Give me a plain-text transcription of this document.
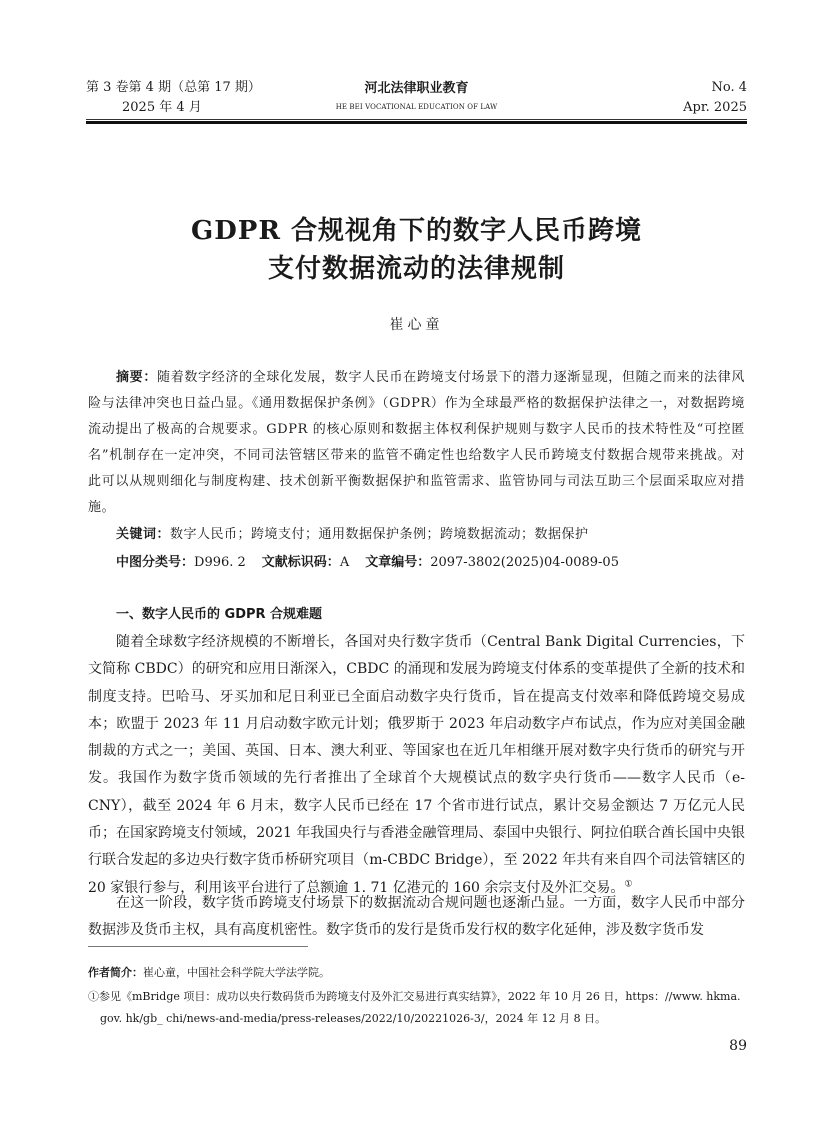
第 3 卷第 4 期（总第 17 期）
2025 年 4 月
河北法律职业教育
HE BEI VOCATIONAL EDUCATION OF LAW
No. 4
Apr. 2025
GDPR 合规视角下的数字人民币跨境
支付数据流动的法律规制
崔心童

摘要：随着数字经济的全球化发展，数字人民币在跨境支付场景下的潜力逐渐显现，但随之而来的法律风险与法律冲突也日益凸显。《通用数据保护条例》（GDPR）作为全球最严格的数据保护法律之一，对数据跨境流动提出了极高的合规要求。GDPR 的核心原则和数据主体权利保护规则与数字人民币的技术特性及“可控匿名”机制存在一定冲突，不同司法管辖区带来的监管不确定性也给数字人民币跨境支付数据合规带来挑战。对此可以从规则细化与制度构建、技术创新平衡数据保护和监管需求、监管协同与司法互助三个层面采取应对措施。

关键词：数字人民币；跨境支付；通用数据保护条例；跨境数据流动；数据保护
中图分类号：D996. 2 文献标识码：A 文章编号：2097-3802(2025)04-0089-05
一、数字人民币的 GDPR 合规难题

随着全球数字经济规模的不断增长，各国对央行数字货币（Central Bank Digital Currencies，下文简称 CBDC）的研究和应用日渐深入，CBDC 的涌现和发展为跨境支付体系的变革提供了全新的技术和制度支持。巴哈马、牙买加和尼日利亚已全面启动数字央行货币，旨在提高支付效率和降低跨境交易成本；欧盟于 2023 年 11 月启动数字欧元计划；俄罗斯于 2023 年启动数字卢布试点，作为应对美国金融制裁的方式之一；美国、英国、日本、澳大利亚、等国家也在近几年相继开展对数字央行货币的研究与开发。我国作为数字货币领域的先行者推出了全球首个大规模试点的数字央行货币——数字人民币（e-CNY），截至 2024 年 6 月末，数字人民币已经在 17 个省市进行试点，累计交易金额达 7 万亿元人民币；在国家跨境支付领域，2021 年我国央行与香港金融管理局、泰国中央银行、阿拉伯联合酋长国中央银行联合发起的多边央行数字货币桥研究项目（m-CBDC Bridge），至 2022 年共有来自四个司法管辖区的 20 家银行参与，利用该平台进行了总额逾 1. 71 亿港元的 160 余宗支付及外汇交易。①

在这一阶段，数字货币跨境支付场景下的数据流动合规问题也逐渐凸显。一方面，数字人民币中部分数据涉及货币主权，具有高度机密性。数字货币的发行是货币发行权的数字化延伸，涉及数字货币发

作者简介：崔心童，中国社会科学院大学法学院。
①参见《mBridge 项目：成功以央行数码货币为跨境支付及外汇交易进行真实结算》，2022 年 10 月 26 日，https：//www. hkma. gov. hk/gb_ chi/news-and-media/press-releases/2022/10/20221026-3/，2024 年 12 月 8 日。
89
